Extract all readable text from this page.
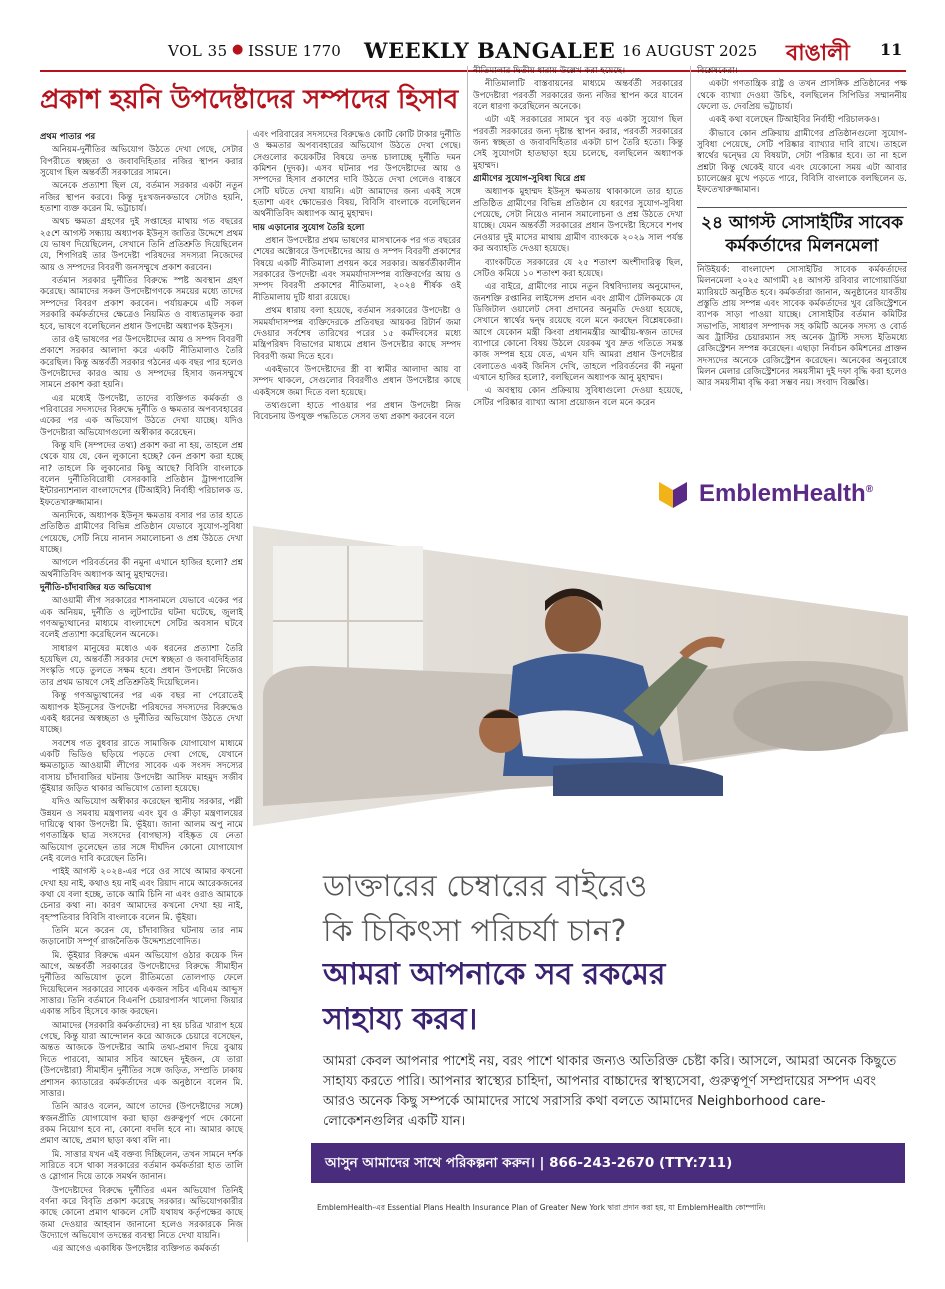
VOL 35 ● ISSUE 1770 WEEKLY BANGALEE 16 AUGUST 2025 বাঙালী	11
প্রকাশ হয়নি উপদেষ্টাদের সম্পদের হিসাব

প্রথম পাতার পর

অনিয়ম-দুর্নীতির অভিযোগ উঠতে দেখা গেছে, সেটার বিপরীতে স্বচ্ছতা ও জবাবদিহিতার নজির স্থাপন করার সুযোগ ছিল অন্তর্বর্তী সরকারের সামনে।

অনেকে প্রত্যাশা ছিল যে, বর্তমান সরকার একটা নতুন নজির স্থাপন করবে। কিন্তু দুঃখজনকভাবে সেটাও হয়নি, হতাশা ব্যক্ত করেন মি. ভট্টাচার্য।

অথচ ক্ষমতা গ্রহণের দুই সপ্তাহের মাথায় গত বছরের ২৫শে আগস্ট সন্ধ্যায় অধ্যাপক ইউনূস জাতির উদ্দেশে প্রথম যে ভাষণ দিয়েছিলেন, সেখানে তিনি প্রতিশ্রুতি দিয়েছিলেন যে, শিগগিরই তার উপদেষ্টা পরিষদের সদস্যরা নিজেদের আয় ও সম্পদের বিবরণী জনসম্মুখে প্রকাশ করবেন।

বর্তমান সরকার দুর্নীতির বিরুদ্ধে স্পষ্ট অবস্থান গ্রহণ করেছে। আমাদের সকল উপদেষ্টাগণকে সময়ের মধ্যে তাদের সম্পদের বিবরণ প্রকাশ করবেন। পর্যায়ক্রমে এটি সকল সরকারি কর্মকর্তাদের ক্ষেত্রেও নিয়মিত ও বাধ্যতামূলক করা হবে, ভাষণে বলেছিলেন প্রধান উপদেষ্টা অধ্যাপক ইউনূস।

তার ওই ভাষণের পর উপদেষ্টাদের আয় ও সম্পদ বিবরণী প্রকাশে সরকার আলাদা করে একটি নীতিমালাও তৈরি করেছিল। কিন্তু অন্তর্বর্তী সরকার গঠনের এক বছর পার হলেও উপদেষ্টাদের কারও আয় ও সম্পদের হিসাব জনসম্মুখে সামনে প্রকাশ করা হয়নি।

এর মধ্যেই উপদেষ্টা, তাদের ব্যক্তিগত কর্মকর্তা ও পরিবারের সদস্যদের বিরুদ্ধে দুর্নীতি ও ক্ষমতার অপব্যবহারের একের পর এক অভিযোগ উঠতে দেখা যাচ্ছে। যদিও উপদেষ্টারা অভিযোগগুলো অস্বীকার করেছেন।

কিন্তু যদি (সম্পদের তথ্য) প্রকাশ করা না হয়, তাহলে প্রশ্ন থেকে যায় যে, কেন লুকানো হচ্ছে? কেন প্রকাশ করা হচ্ছে না? তাহলে কি লুকানোর কিছু আছে? বিবিসি বাংলাকে বলেন দুর্নীতিবিরোধী বেসরকারি প্রতিষ্ঠান ট্রান্সপারেন্সি ইন্টারন্যাশনাল বাংলাদেশের (টিআইবি) নির্বাহী পরিচালক ড. ইফতেখারুজ্জামান।

অন্যদিকে, অধ্যাপক ইউনূস ক্ষমতায় বসার পর তার হাতে প্রতিষ্ঠিত গ্রামীণের বিভিন্ন প্রতিষ্ঠান যেভাবে সুযোগ-সুবিধা পেয়েছে, সেটি নিয়ে নানান সমালোচনা ও প্রশ্ন উঠতে দেখা যাচ্ছে।

আগলে পরিবর্তনের কী নমুনা এখানে হাজির হলো? প্রশ্ন অর্থনীতিবিদ অধ্যাপক আনু মুহাম্মদের।

দুর্নীতি-চাঁদাবাজির যত অভিযোগ

আওয়ামী লীগ সরকারের শাসনামলে যেভাবে একের পর এক অনিয়ম, দুর্নীতি ও লুটপাটের ঘটনা ঘটেছে, জুলাই গণঅভ্যুত্থানের মাধ্যমে বাংলাদেশে সেটির অবসান ঘটবে বলেই প্রত্যাশা করেছিলেন অনেকে।

সাধারণ মানুষের মধ্যেও এক ধরনের প্রত্যাশা তৈরি হয়েছিল যে, অন্তর্বর্তী সরকার দেশে স্বচ্ছতা ও জবাবদিহিতার সংস্কৃতি গড়ে তুলতে সক্ষম হবে। প্রধান উপদেষ্টা নিজেও তার প্রথম ভাষণে সেই প্রতিশ্রুতিই দিয়েছিলেন।

কিন্তু গণঅভ্যুত্থানের পর এক বছর না পেরোতেই অধ্যাপক ইউনূসের উপদেষ্টা পরিষদের সদস্যদের বিরুদ্ধেও একই ধরনের অস্বচ্ছতা ও দুর্নীতির অভিযোগ উঠতে দেখা যাচ্ছে।

সবশেষ গত বুধবার রাতে সামাজিক যোগাযোগ মাধ্যমে একটি ভিডিও ছড়িয়ে পড়তে দেখা গেছে, যেখানে ক্ষমতাচ্যুত আওয়ামী লীগের সাবেক এক সংসদ সদস্যের বাসায় চাঁদাবাজির ঘটনায় উপদেষ্টা আসিফ মাহমুদ সজীব ভূঁইয়ার জড়িত থাকার অভিযোগ তোলা হয়েছে।

যদিও অভিযোগ অস্বীকার করেছেন স্থানীয় সরকার, পল্লী উন্নয়ন ও সমবায় মন্ত্রণালয় এবং যুব ও ক্রীড়া মন্ত্রণালয়ের দায়িত্বে থাকা উপদেষ্টা মি. ভূঁইয়া। জানা আলম অপু নামে গণতান্ত্রিক ছাত্র সংসদের (বাগছাস) বহিষ্কৃত যে নেতা অভিযোগ তুলেছেন তার সঙ্গে দীর্ঘদিন কোনো যোগাযোগ নেই বলেও দাবি করেছেন তিনি।

পাইই আগস্ট ২০২৪-এর পরে ওর সাথে আমার কখনো দেখা হয় নাই, কথাও হয় নাই এবং রিয়াদ নামে আরেকজনের কথা যে বলা হচ্ছে, তাকে আমি চিনি না এবং ওরাও আমাকে চেনার কথা না। কারণ আমাদের কখনো দেখা হয় নাই, বৃহস্পতিবার বিবিসি বাংলাকে বলেন মি. ভূঁইয়া।

তিনি মনে করেন যে, চাঁদাবাজির ঘটনায় তার নাম জড়ানোটা সম্পূর্ণ রাজনৈতিক উদ্দেশ্যপ্রণোদিত।

মি. ভূঁইয়ার বিরুদ্ধে এমন অভিযোগ ওঠার কয়েক দিন আগে, অন্তর্বর্তী সরকারের উপদেষ্টাদের বিরুদ্ধে সীমাহীন দুর্নীতির অভিযোগ তুলে রীতিমতো তোলপাড় ফেলে দিয়েছিলেন সরকারের সাবেক একজন সচিব এবিএম আব্দুস সাত্তার। তিনি বর্তমানে বিএনপি চেয়ারপার্সন খালেদা জিয়ার একান্ত সচিব হিসেবে কাজ করছেন।

আমাদের (সরকারি কর্মকর্তাদের) না হয় চরিত্র খারাপ হয়ে গেছে, কিন্তু যারা আন্দোলন করে আজকে চেয়ারে বসেছেন, অন্তত আজকে উপদেষ্টার আমি তথ্য-প্রমাণ দিয়ে বুঝায় দিতে পারবো, আমার সচিব আছেন দুইজন, যে তারা (উপদেষ্টারা) সীমাহীন দুর্নীতির সঙ্গে জড়িত, সম্প্রতি ঢাকায় প্রশাসন ক্যাডারের কর্মকর্তাদের এক অনুষ্ঠানে বলেন মি. সাত্তার।

তিনি আরও বলেন, আগে তাদের (উপদেষ্টাদের সঙ্গে) স্বজনপ্রীতি যোগাযোগ করা ছাড়া গুরুত্বপূর্ণ পদে কোনো রকম নিয়োগ হবে না, কোনো বদলি হবে না। আমার কাছে প্রমাণ আছে, প্রমাণ ছাড়া কথা বলি না।

মি. সাত্তার যখন এই বক্তব্য দিচ্ছিলেন, তখন সামনে দর্শক সারিতে বসে থাকা সরকারের বর্তমান কর্মকর্তারা হাত তালি ও স্লোগান দিয়ে তাকে সমর্থন জানান।

উপদেষ্টাদের বিরুদ্ধে দুর্নীতির এমন অভিযোগ তিনিই বর্ণনা করে বিবৃতি প্রকাশ করেছে সরকার। অভিযোগকারীর কাছে কোনো প্রমাণ থাকলে সেটি যথাযথ কর্তৃপক্ষের কাছে জমা দেওয়ার আহবান জানানো হলেও সরকারকে নিজ উদ্যোগে অভিযোগ তদন্তের ব্যবস্থা নিতে দেখা যায়নি।

এর আগেও একাধিক উপদেষ্টার ব্যক্তিগত কর্মকর্তা

এবং পরিবারের সদস্যদের বিরুদ্ধেও কোটি কোটি টাকার দুর্নীতি ও ক্ষমতার অপব্যবহারের অভিযোগ উঠতে দেখা গেছে। সেগুলোর কয়েকটির বিষয়ে তদন্ত চালাচ্ছে দুর্নীতি দমন কমিশন (দুদক)। এসব ঘটনার পর উপদেষ্টাদের আয় ও সম্পদের হিসাব প্রকাশের দাবি উঠতে দেখা গেলেও বাস্তবে সেটি ঘটতে দেখা যায়নি। এটা আমাদের জন্য একই সঙ্গে হতাশা এবং ক্ষোভেরও বিষয়, বিবিসি বাংলাকে বলেছিলেন অর্থনীতিবিদ অধ্যাপক আনু মুহাম্মদ।

দায় এড়ানোর সুযোগ তৈরি হলো

প্রধান উপদেষ্টার প্রথম ভাষণের মাসখানেক পর গত বছরের শেষের অক্টোবরে উপদেষ্টাদের আয় ও সম্পদ বিবরণী প্রকাশের বিষয়ে একটি নীতিমালা প্রণয়ন করে সরকার। অন্তর্বর্তীকালীন সরকারের উপদেষ্টা এবং সমমর্যাদাসম্পন্ন ব্যক্তিবর্গের আয় ও সম্পদ বিবরণী প্রকাশের নীতিমালা, ২০২৪ শীর্ষক ওই নীতিমালায় দুটি ধারা রয়েছে।

প্রথম ধারায় বলা হয়েছে, বর্তমান সরকারের উপদেষ্টা ও সমমর্যাদাসম্পন্ন ব্যক্তিদেরকে প্রতিবছর আয়কর রিটার্ন জমা দেওয়ার সর্বশেষ তারিখের পরের ১৫ কর্মদিবসের মধ্যে মন্ত্রিপরিষদ বিভাগের মাধ্যমে প্রধান উপদেষ্টার কাছে সম্পদ বিবরণী জমা দিতে হবে।

একইভাবে উপদেষ্টাদের স্ত্রী বা স্বামীর আলাদা আয় বা সম্পদ থাকলে, সেগুলোর বিবরণীও প্রধান উপদেষ্টার কাছে একইসঙ্গে জমা দিতে বলা হয়েছে।

তথ্যগুলো হাতে পাওয়ার পর প্রধান উপদেষ্টা নিজ বিবেচনায় উপযুক্ত পদ্ধতিতে সেসব তথ্য প্রকাশ করবেন বলে

নীতিমালার দ্বিতীয় ধারায় উল্লেখ করা হয়েছে।

নীতিমালাটি বাস্তবায়নের মাধ্যমে অন্তর্বর্তী সরকারের উপদেষ্টারা পরবর্তী সরকারের জন্য নজির স্থাপন করে যাবেন বলে ধারণা করেছিলেন অনেকে।

এটা এই সরকারের সামনে খুব বড় একটা সুযোগ ছিল পরবর্তী সরকারের জন্য দৃষ্টান্ত স্থাপন করার, পরবর্তী সরকারের জন্য স্বচ্ছতা ও জবাবদিহিতার একটা চাপ তৈরি হতো। কিন্তু সেই সুযোগটা হাতছাড়া হয়ে চলেছে, বলছিলেন অধ্যাপক মুহাম্মদ।

গ্রামীণের সুযোগ-সুবিধা ঘিরে প্রশ্ন

অধ্যাপক মুহাম্মদ ইউনূস ক্ষমতায় থাকাকালে তার হাতে প্রতিষ্ঠিত গ্রামীণের বিভিন্ন প্রতিষ্ঠান যে ধরণের সুযোগ-সুবিধা পেয়েছে, সেটা নিয়েও নানান সমালোচনা ও প্রশ্ন উঠতে দেখা যাচ্ছে। যেমন অন্তর্বর্তী সরকারের প্রধান উপদেষ্টা হিসেবে শপথ নেওয়ার দুই মাসের মাথায় গ্রামীণ ব্যাংককে ২০২৯ সাল পর্যন্ত কর অব্যাহতি দেওয়া হয়েছে।

ব্যাংকটিতে সরকারের যে ২৫ শতাংশ অংশীদারিত্ব ছিল, সেটিও কমিয়ে ১০ শতাংশ করা হয়েছে।

এর বাইরে, গ্রামীণের নামে নতুন বিশ্ববিদ্যালয় অনুমোদন, জনশক্তি রপ্তানির লাইসেন্স প্রদান এবং গ্রামীণ টেলিকমকে যে ডিজিটাল ওয়ালেট সেবা প্রদানের অনুমতি দেওয়া হয়েছে, সেখানে স্বার্থের দ্বন্দ্ব রয়েছে বলে মনে করছেন বিশ্লেষকেরা। আগে যেকোন মন্ত্রী কিংবা প্রধানমন্ত্রীর আত্মীয়-স্বজন তাদের ব্যাপারে কোনো বিষয় উঠলে যেরকম খুব দ্রুত গতিতে সমস্ত কাজ সম্পন্ন হয়ে যেত, এখন যদি আমরা প্রধান উপদেষ্টার বেলাতেও একই জিনিস দেখি, তাহলে পরিবর্তনের কী নমুনা এখানে হাজির হলো?, বলছিলেন অধ্যাপক আনু মুহাম্মদ।

এ অবস্থায় কোন প্রক্রিয়ায় সুবিধাগুলো দেওয়া হয়েছে, সেটির পরিষ্কার ব্যাখ্যা আসা প্রয়োজন বলে মনে করেন

বিশ্লেষকেরা।

একটা গণতান্ত্রিক রাষ্ট্র ও তখন প্রাসঙ্গিক প্রতিষ্ঠানের পক্ষ থেকে ব্যাখ্যা দেওয়া উচিৎ, বলছিলেন সিপিডির সম্মাননীয় ফেলো ড. দেবপ্রিয় ভট্টাচার্য।

একই কথা বলেছেন টিআইবির নির্বাহী পরিচালকও।

কীভাবে কোন প্রক্রিয়ায় গ্রামীণের প্রতিষ্ঠানগুলো সুযোগ-সুবিধা পেয়েছে, সেটি পরিষ্কার ব্যাখ্যার দাবি রাখে। তাহলে স্বার্থের দ্বন্দ্বের যে বিষয়টা, সেটা পরিষ্কার হবে। তা না হলে প্রশ্নটা কিন্তু থেকেই যাবে এবং যেকোনো সময় এটা আবার চ্যালেঞ্জের মুখে পড়তে পারে, বিবিসি বাংলাকে বলছিলেন ড. ইফতেখারুজ্জামান।

২৪ আগস্ট সোসাইটির সাবেক কর্মকর্তাদের মিলনমেলা

নিউইয়র্ক: বাংলাদেশ সোসাইটির সাবেক কর্মকর্তাদের মিলনমেলা ২০২৫ আগামী ২৪ আগস্ট রবিবার লাগোয়ার্ডিয়া ম্যারিয়টে অনুষ্ঠিত হবে। কর্মকর্তারা জানান, অনুষ্ঠানের যাবতীয় প্রস্তুতি প্রায় সম্পন্ন এবং সাবেক কর্মকর্তাদের খুব রেজিস্ট্রেশনে ব্যাপক সাড়া পাওয়া যাচ্ছে। সোসাইটির বর্তমান কমিটির সভাপতি, সাধারণ সম্পাদক সহ কমিটি অনেক সদস্য ও বোর্ড অব ট্রাস্টির চেয়ারম্যান সহ অনেক ট্রাস্টি সদস্য ইতিমধ্যে রেজিস্ট্রেশন সম্পন্ন করেছেন। এছাড়া নির্বাচন কমিশনের প্রাক্তন সদস্যদের অনেকে রেজিস্ট্রেশন করেছেন। অনেকের অনুরোধে মিলন মেলার রেজিস্ট্রেশনের সময়সীমা দুই দফা বৃদ্ধি করা হলেও আর সময়সীমা বৃদ্ধি করা সম্ভব নয়। সংবাদ বিজ্ঞপ্তি।

EmblemHealth®
ডাক্তারের চেম্বারের বাইরেও
কি চিকিৎসা পরিচর্যা চান?
আমরা আপনাকে সব রকমের
সাহায্য করব।
আমরা কেবল আপনার পাশেই নয়, বরং পাশে থাকার জন্যও অতিরিক্ত চেষ্টা করি। আসলে, আমরা অনেক কিছুতে সাহায্য করতে পারি। আপনার স্বাস্থ্যের চাহিদা, আপনার বাচ্চাদের স্বাস্থ্যসেবা, গুরুত্বপূর্ণ সম্প্রদায়ের সম্পদ এবং আরও অনেক কিছু সম্পর্কে আমাদের সাথে সরাসরি কথা বলতে আমাদের Neighborhood care- লোকেশনগুলির একটি যান।
আসুন আমাদের সাথে পরিকল্পনা করুন। | 866-243-2670 (TTY:711)
EmblemHealth-এর Essential Plans Health Insurance Plan of Greater New York দ্বারা প্রদান করা হয়, যা EmblemHealth কোম্পানি।
